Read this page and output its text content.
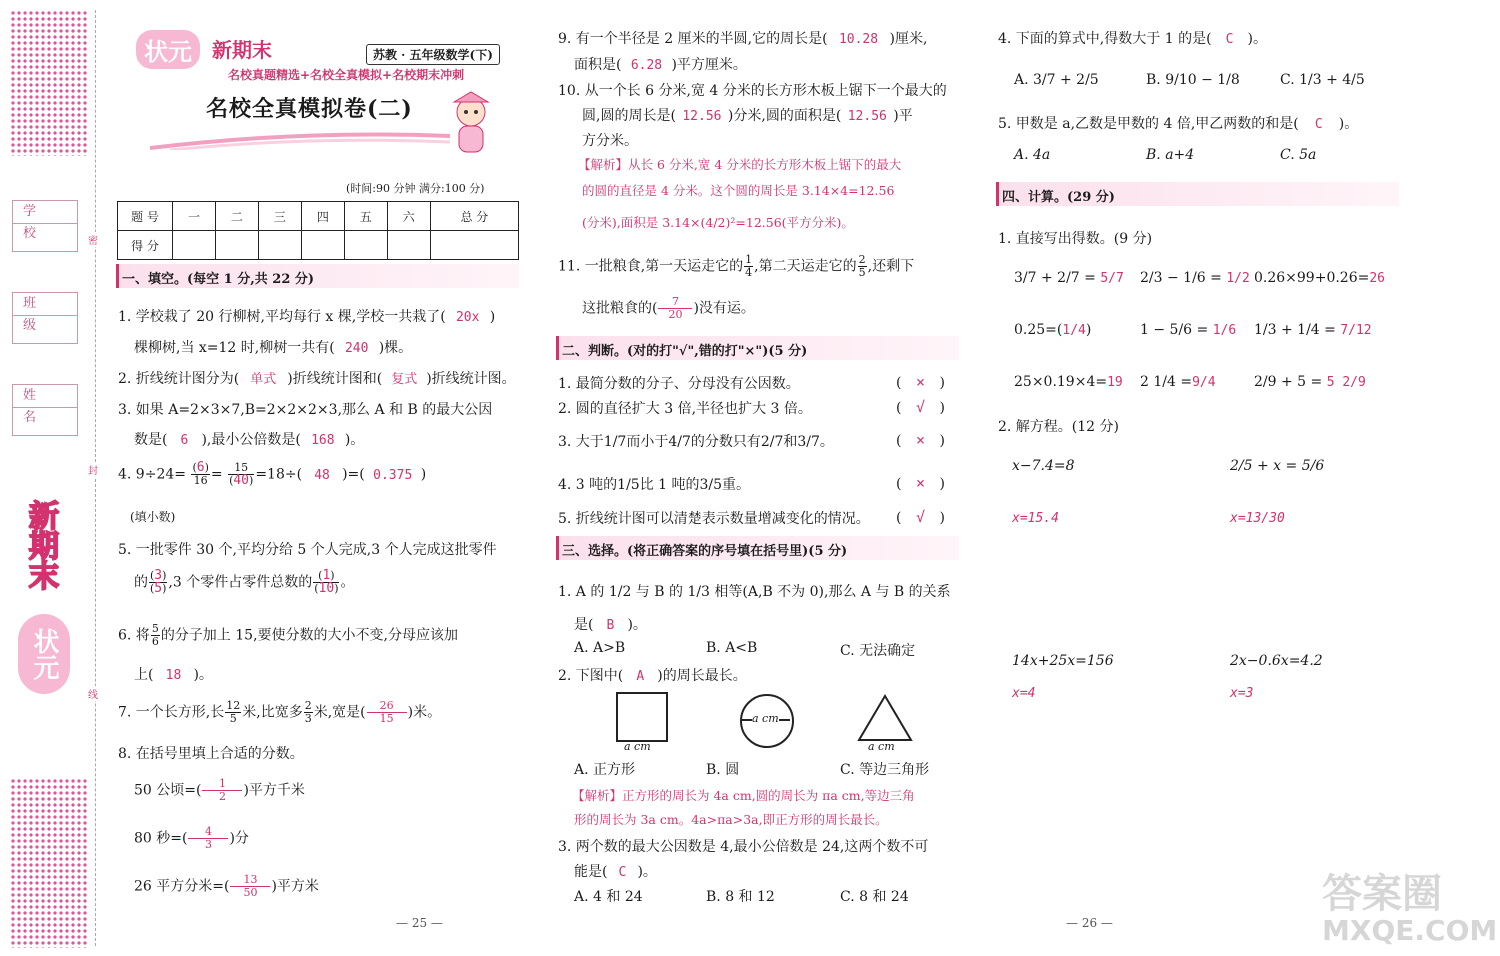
密
封
线
学 校
班 级
姓 名
新期末
状元
状元	新期末	苏教 · 五年级数学(下)
名校真题精选+名校全真模拟+名校期末冲刺
名校全真模拟卷(二)
(时间:90 分钟 满分:100 分)
题 号	一	二	三	四	五	六	总 分
得 分							
一、填空。(每空 1 分,共 22 分)
1. 学校栽了 20 行柳树,平均每行 x 棵,学校一共栽了( 20x )
棵柳树,当 x=12 时,柳树一共有( 240 )棵。
2. 折线统计图分为( 单式 )折线统计图和( 复式 )折线统计图。
3. 如果 A=2×3×7,B=2×2×2×3,那么 A 和 B 的最大公因
数是( 6 ),最小公倍数是( 168 )。
4. $9\div 24= \frac{(6)}{16} = \frac{15}{(40)} =18\div$( 48 )=( 0.375 )
(填小数)
5. 一批零件 30 个,平均分给 5 个人完成,3 个人完成这批零件
的 $\frac{(3)}{(5)} ,3$ 个零件占零件总数的 $\frac{(1)}{(10)}$ 。
6. 将 $\frac{5}{6}$ 的分子加上 15,要使分数的大小不变,分母应该加
上( 18 )。
7. 一个长方形,长 $\frac{12}{5}$ 米,比宽多 $\frac{2}{3}$ 米,宽是( $\frac{26}{15}$ )米。
8. 在括号里填上合适的分数。
50 公顷=( $\frac{1}{2}$ )平方千米
80 秒=( $\frac{4}{3}$ )分
26 平方分米=( $\frac{13}{50}$ )平方米
9. 有一个半径是 2 厘米的半圆,它的周长是( 10.28 )厘米,
面积是( 6.28 )平方厘米。
10. 从一个长 6 分米,宽 4 分米的长方形木板上锯下一个最大的
圆,圆的周长是( 12.56 )分米,圆的面积是( 12.56 )平
方分米。
【解析】从长 6 分米,宽 4 分米的长方形木板上锯下的最大
的圆的直径是 4 分米。这个圆的周长是 3.14×4=12.56
(分米),面积是 3.14×(4/2)²=12.56(平方分米)。
11. 一批粮食,第一天运走它的 $\frac{1}{4}$ ,第二天运走它的 $\frac{2}{5}$ ,还剩下
这批粮食的( $\frac{7}{20}$ )没有运。
二、判断。(对的打"√",错的打"×")(5 分)
1. 最简分数的分子、分母没有公因数。	( × )
2. 圆的直径扩大 3 倍,半径也扩大 3 倍。	( √ )
3. 大于1/7而小于4/7的分数只有2/7和3/7。	( × )
4. 3 吨的1/5比 1 吨的3/5重。	( × )
5. 折线统计图可以清楚表示数量增减变化的情况。 ( √ )
三、选择。(将正确答案的序号填在括号里)(5 分)
1. A 的 1/2 与 B 的 1/3 相等(A,B 不为 0),那么 A 与 B 的关系
是( B )。
A. A>B	B. A<B	C. 无法确定
2. 下图中( A )的周长最长。
a cm
a cm
a cm
A. 正方形	B. 圆	C. 等边三角形
【解析】正方形的周长为 4a cm,圆的周长为 πa cm,等边三角
形的周长为 3a cm。4a>πa>3a,即正方形的周长最长。
3. 两个数的最大公因数是 4,最小公倍数是 24,这两个数不可
能是( C )。
A. 4 和 24	B. 8 和 12	C. 8 和 24
— 25 —
4. 下面的算式中,得数大于 1 的是( C )。
A. 3/7 + 2/5	B. 9/10 − 1/8	C. 1/3 + 4/5
5. 甲数是 a,乙数是甲数的 4 倍,甲乙两数的和是( C )。
A. 4a	B. a+4	C. 5a
四、计算。(29 分)
1. 直接写出得数。(9 分)
3/7 + 2/7 = 5/7 2/3 − 1/6 = 1/2 0.26×99+0.26=26
0.25=(1/4)	1 − 5/6 = 1/6 1/3 + 1/4 = 7/12
25×0.19×4=19 2 1/4 =9/4	2/9 + 5 = 5 2/9
2. 解方程。(12 分)
x−7.4=8	2/5 + x = 5/6
x=15.4	x=13/30
14x+25x=156	2x−0.6x=4.2
x=4	x=3
— 26 —
答案圈
MXQE.COM
